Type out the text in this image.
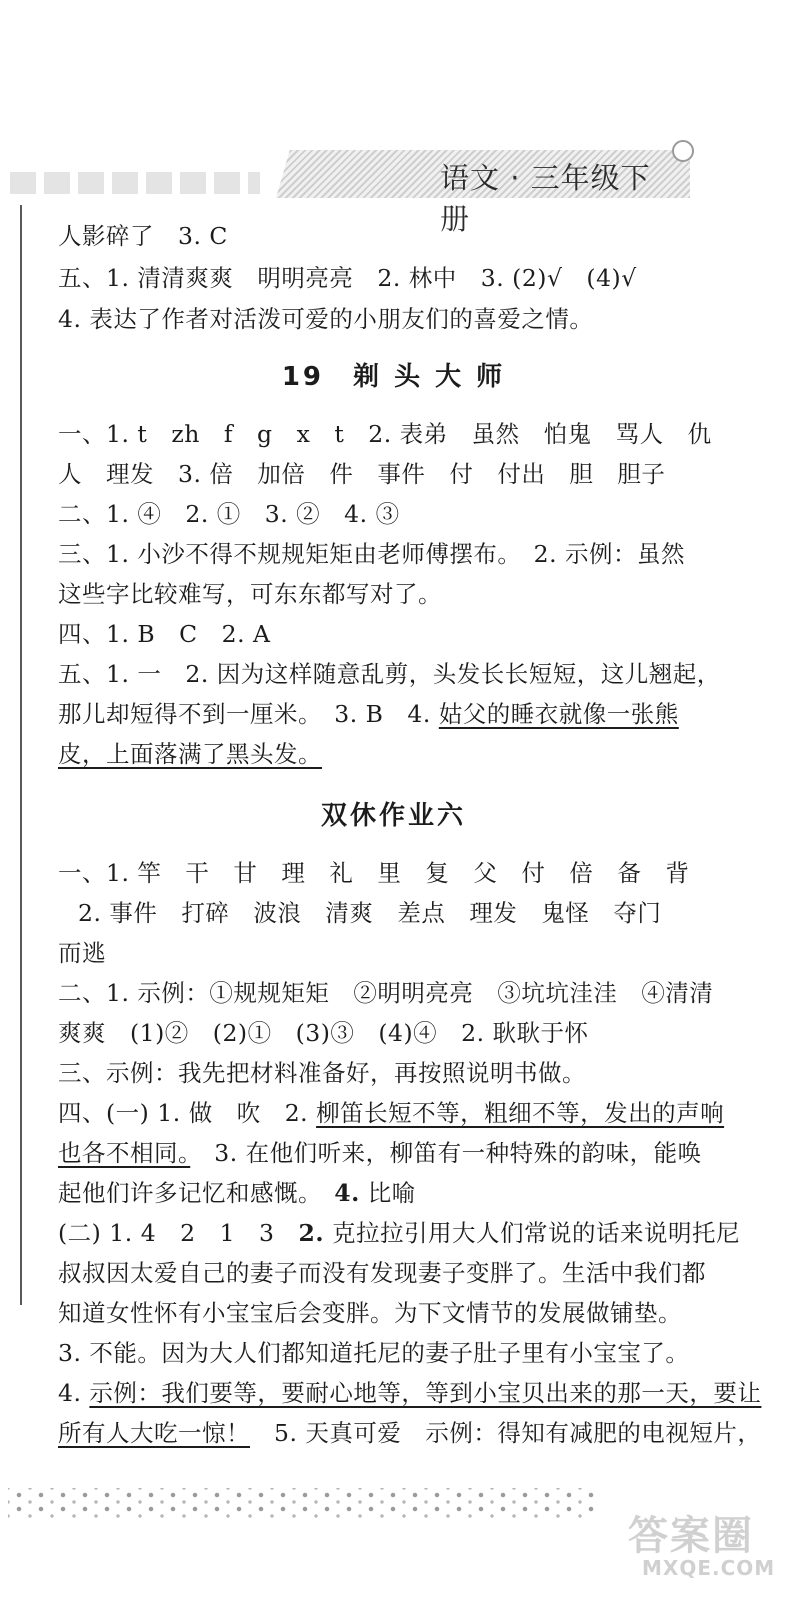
语文 · 三年级下册
人影碎了　3. C
五、1. 清清爽爽　明明亮亮　2. 林中　3. (2)√　(4)√
4. 表达了作者对活泼可爱的小朋友们的喜爱之情。
19　 剃 头 大 师
一、1. t　zh　f　g　x　t　2. 表弟　虽然　怕鬼　骂人　仇
人　理发　3. 倍　加倍　件　事件　付　付出　胆　胆子
二、1. ④　2. ①　3. ②　4. ③
三、1. 小沙不得不规规矩矩由老师傅摆布。　2. 示例：虽然
这些字比较难写，可东东都写对了。
四、1. B　C　2. A
五、1. 一　2. 因为这样随意乱剪，头发长长短短，这儿翘起，
那儿却短得不到一厘米。　3. B　4. 姑父的睡衣就像一张熊
皮，上面落满了黑头发。
双休作业六
一、1. 竿　干　甘　理　礼　里　复　父　付　倍　备　背
2. 事件　打碎　波浪　清爽　差点　理发　鬼怪　夺门
而逃
二、1. 示例：①规规矩矩　②明明亮亮　③坑坑洼洼　④清清
爽爽　(1)②　(2)①　(3)③　(4)④　2. 耿耿于怀
三、示例：我先把材料准备好，再按照说明书做。
四、(一) 1. 做　吹　2. 柳笛长短不等，粗细不等，发出的声响
也各不相同。　3. 在他们听来，柳笛有一种特殊的韵味，能唤
起他们许多记忆和感慨。　4. 比喻
(二) 1. 4　2　1　3　2. 克拉拉引用大人们常说的话来说明托尼
叔叔因太爱自己的妻子而没有发现妻子变胖了。生活中我们都
知道女性怀有小宝宝后会变胖。为下文情节的发展做铺垫。
3. 不能。因为大人们都知道托尼的妻子肚子里有小宝宝了。
4. 示例：我们要等，要耐心地等，等到小宝贝出来的那一天，要让
所有人大吃一惊！　5. 天真可爱　示例：得知有减肥的电视短片，
答案圈
MXQE.COM
